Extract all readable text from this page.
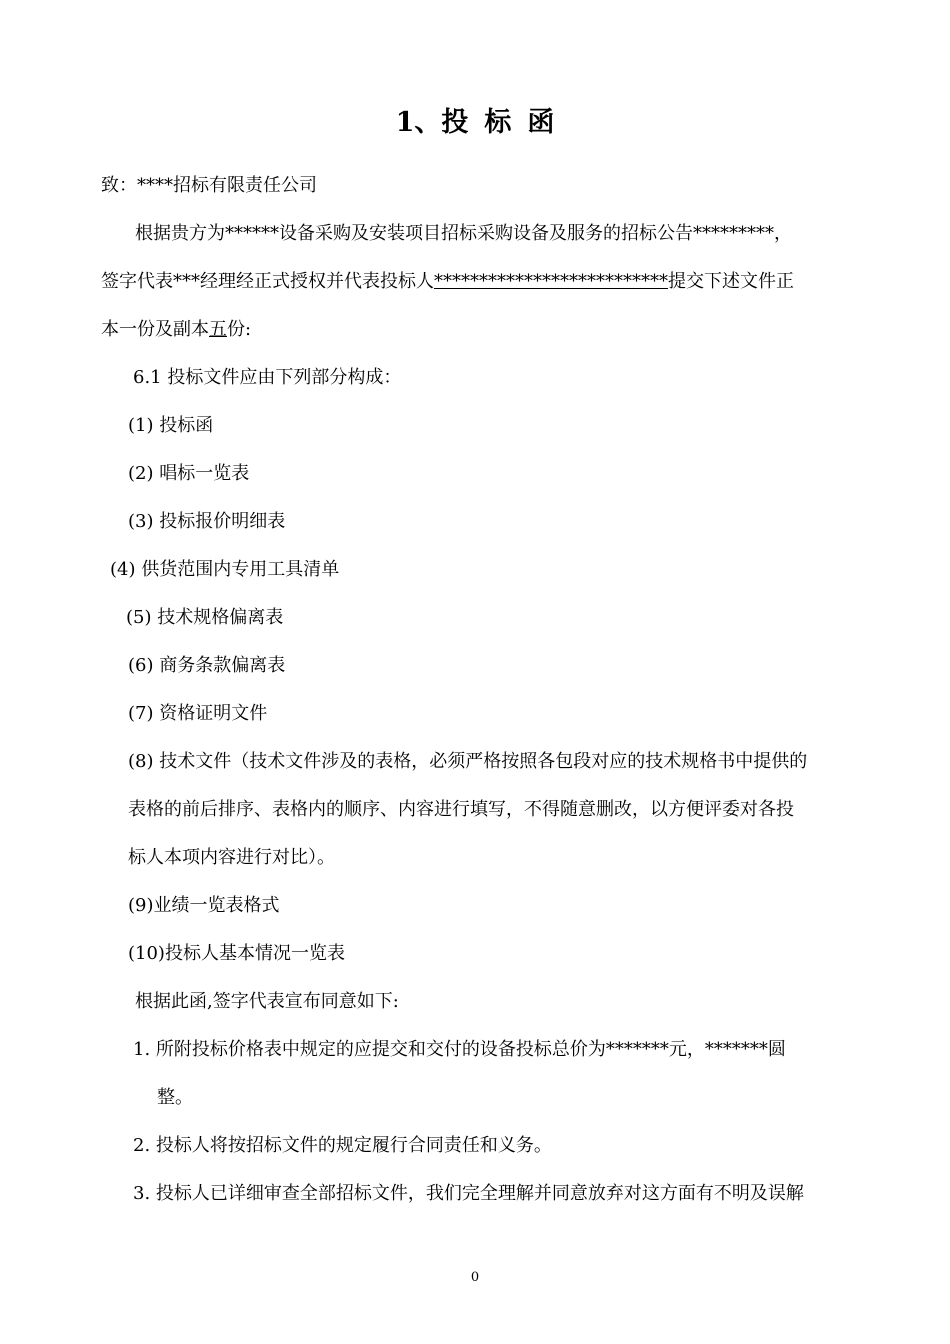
1、投 标 函
致：****招标有限责任公司
根据贵方为******设备采购及安装项目招标采购设备及服务的招标公告*********，
签字代表***经理经正式授权并代表投标人**************************提交下述文件正
本一份及副本五份:
6.1 投标文件应由下列部分构成：
(1) 投标函
(2) 唱标一览表
(3) 投标报价明细表
(4) 供货范围内专用工具清单
(5) 技术规格偏离表
(6) 商务条款偏离表
(7) 资格证明文件
(8) 技术文件（技术文件涉及的表格，必须严格按照各包段对应的技术规格书中提供的
表格的前后排序、表格内的顺序、内容进行填写，不得随意删改，以方便评委对各投
标人本项内容进行对比）。
(9)业绩一览表格式
(10)投标人基本情况一览表
根据此函,签字代表宣布同意如下:
1. 所附投标价格表中规定的应提交和交付的设备投标总价为*******元，*******圆
整。
2. 投标人将按招标文件的规定履行合同责任和义务。
3. 投标人已详细审查全部招标文件，我们完全理解并同意放弃对这方面有不明及误解
0
